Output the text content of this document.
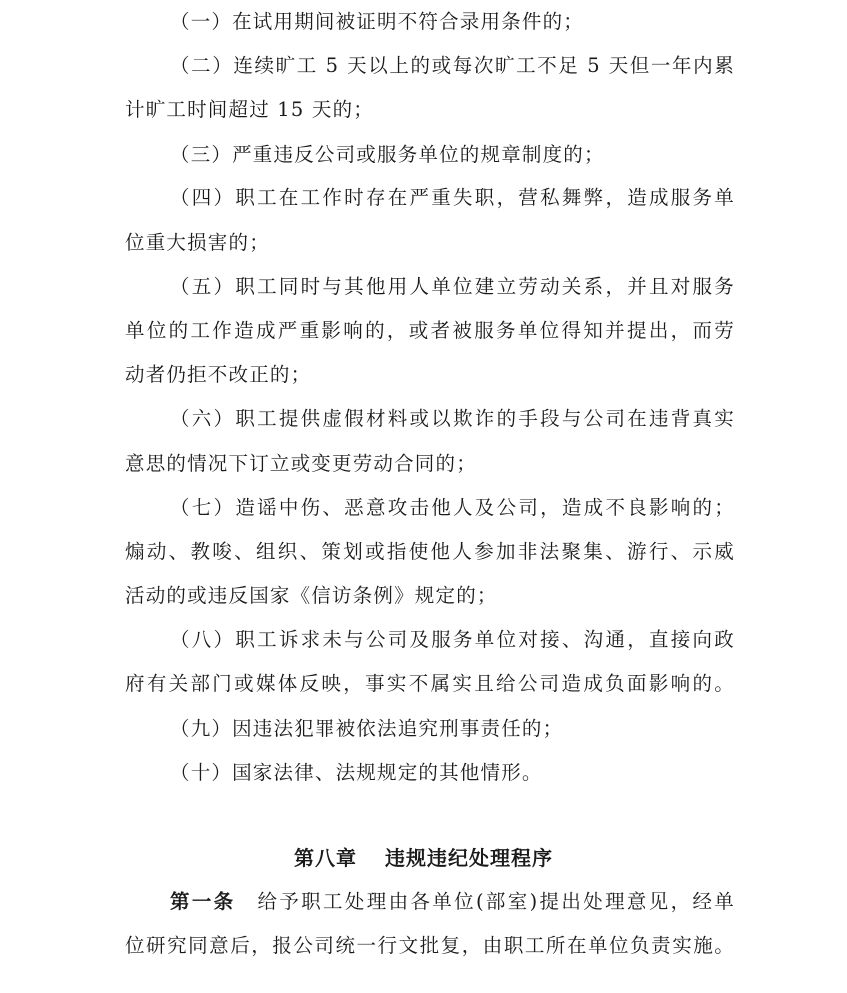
（一）在试用期间被证明不符合录用条件的；
（二）连续旷工 5 天以上的或每次旷工不足 5 天但一年内累
计旷工时间超过 15 天的；
（三）严重违反公司或服务单位的规章制度的；
（四）职工在工作时存在严重失职，营私舞弊，造成服务单
位重大损害的；
（五）职工同时与其他用人单位建立劳动关系，并且对服务
单位的工作造成严重影响的，或者被服务单位得知并提出，而劳
动者仍拒不改正的；
（六）职工提供虚假材料或以欺诈的手段与公司在违背真实
意思的情况下订立或变更劳动合同的；
（七）造谣中伤、恶意攻击他人及公司，造成不良影响的；
煽动、教唆、组织、策划或指使他人参加非法聚集、游行、示威
活动的或违反国家《信访条例》规定的；
（八）职工诉求未与公司及服务单位对接、沟通，直接向政
府有关部门或媒体反映，事实不属实且给公司造成负面影响的。
（九）因违法犯罪被依法追究刑事责任的；
（十）国家法律、法规规定的其他情形。
第八章 违规违纪处理程序
第一条 给予职工处理由各单位(部室)提出处理意见，经单
位研究同意后，报公司统一行文批复，由职工所在单位负责实施。
